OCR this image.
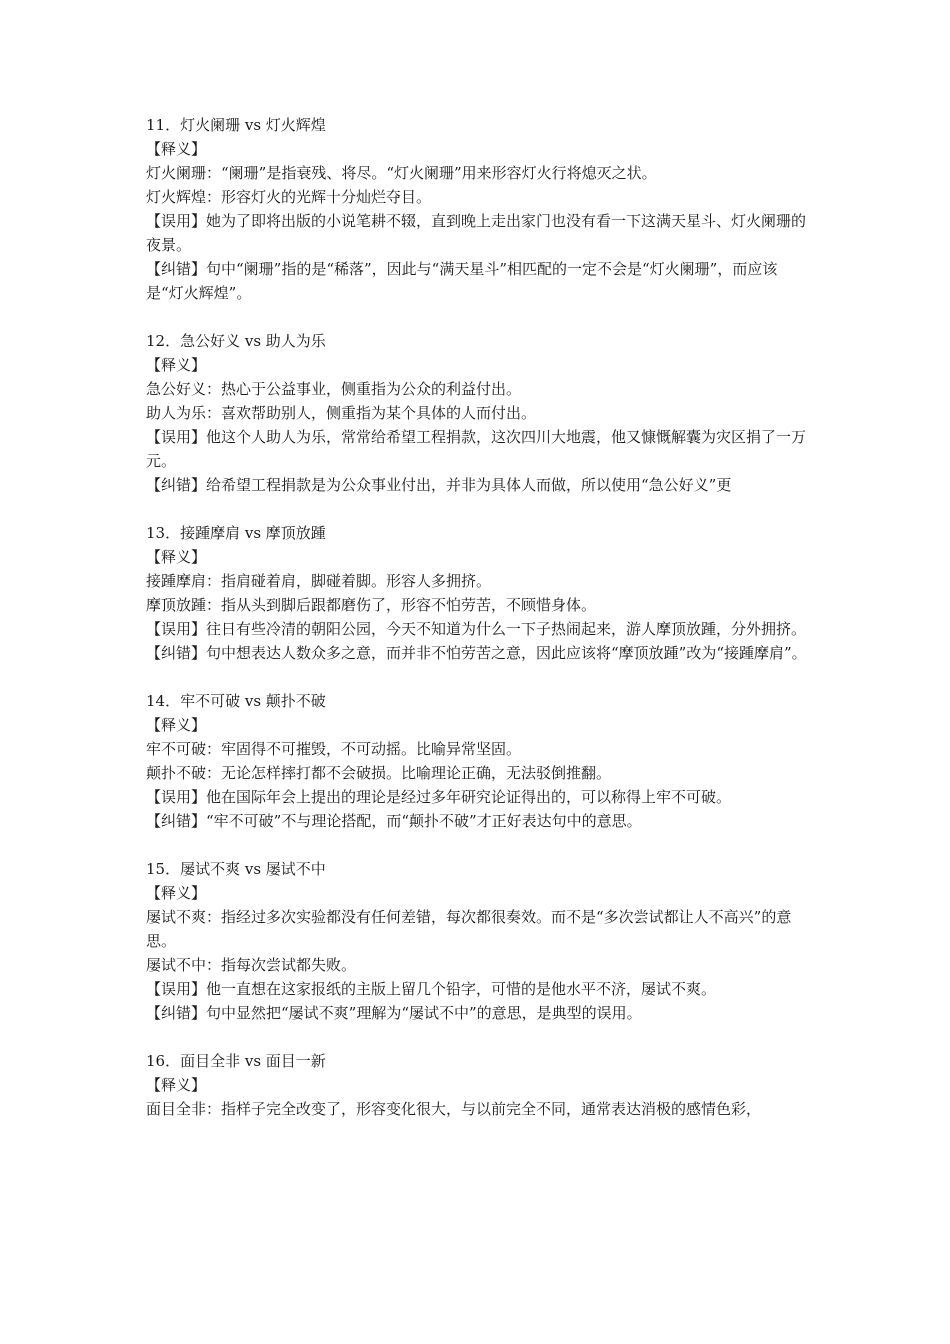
11．灯火阑珊 vs 灯火辉煌
【释义】
灯火阑珊：“阑珊”是指衰残、将尽。“灯火阑珊”用来形容灯火行将熄灭之状。
灯火辉煌：形容灯火的光辉十分灿烂夺目。
【误用】她为了即将出版的小说笔耕不辍，直到晚上走出家门也没有看一下这满天星斗、灯火阑珊的夜景。
【纠错】句中“阑珊”指的是“稀落”，因此与“满天星斗”相匹配的一定不会是“灯火阑珊”，而应该是“灯火辉煌”。
12．急公好义 vs 助人为乐
【释义】
急公好义：热心于公益事业，侧重指为公众的利益付出。
助人为乐：喜欢帮助别人，侧重指为某个具体的人而付出。
【误用】他这个人助人为乐，常常给希望工程捐款，这次四川大地震，他又慷慨解囊为灾区捐了一万元。
【纠错】给希望工程捐款是为公众事业付出，并非为具体人而做，所以使用“急公好义”更
13．接踵摩肩 vs 摩顶放踵
【释义】
接踵摩肩：指肩碰着肩，脚碰着脚。形容人多拥挤。
摩顶放踵：指从头到脚后跟都磨伤了，形容不怕劳苦，不顾惜身体。
【误用】往日有些冷清的朝阳公园，今天不知道为什么一下子热闹起来，游人摩顶放踵，分外拥挤。
【纠错】句中想表达人数众多之意，而并非不怕劳苦之意，因此应该将“摩顶放踵”改为“接踵摩肩”。
14．牢不可破 vs 颠扑不破
【释义】
牢不可破：牢固得不可摧毁，不可动摇。比喻异常坚固。
颠扑不破：无论怎样摔打都不会破损。比喻理论正确，无法驳倒推翻。
【误用】他在国际年会上提出的理论是经过多年研究论证得出的，可以称得上牢不可破。
【纠错】“牢不可破”不与理论搭配，而“颠扑不破”才正好表达句中的意思。
15．屡试不爽 vs 屡试不中
【释义】
屡试不爽：指经过多次实验都没有任何差错，每次都很奏效。而不是“多次尝试都让人不高兴”的意思。
屡试不中：指每次尝试都失败。
【误用】他一直想在这家报纸的主版上留几个铅字，可惜的是他水平不济，屡试不爽。
【纠错】句中显然把“屡试不爽”理解为“屡试不中”的意思，是典型的误用。
16．面目全非 vs 面目一新
【释义】
面目全非：指样子完全改变了，形容变化很大，与以前完全不同，通常表达消极的感情色彩，
